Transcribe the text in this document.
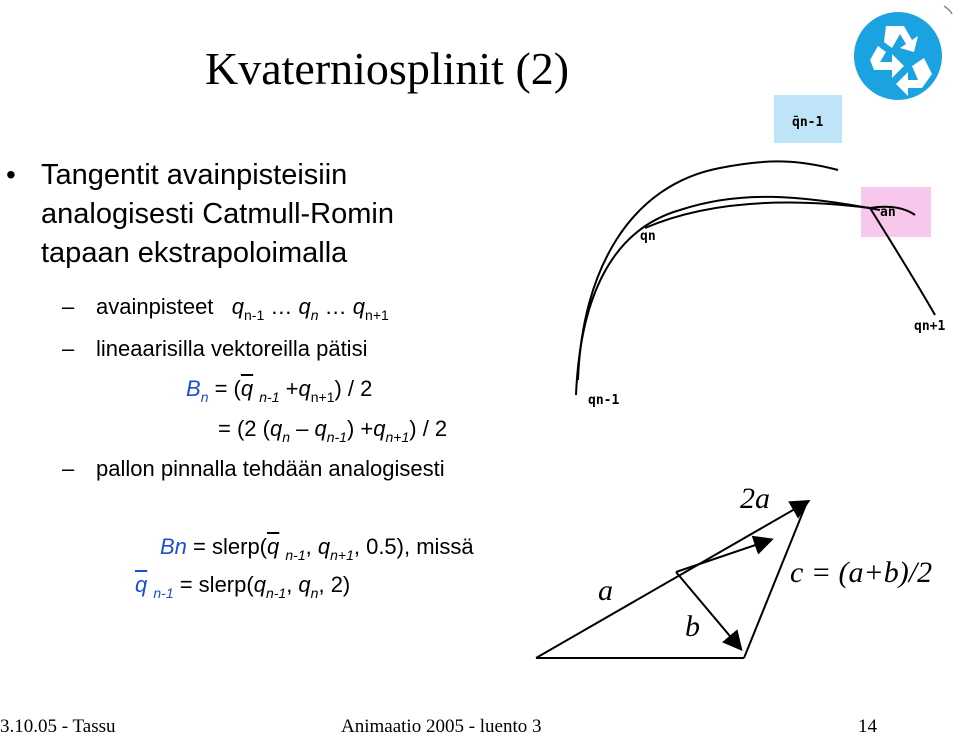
Kvaterniosplinit (2)
• Tangentit avainpisteisiin
analogisesti Catmull-Romin
tapaan ekstrapoloimalla
– avainpisteet $q_{n-1}$ … $q_n$ … $q_{n+1}$
– lineaarisilla vektoreilla pätisi
$B_n = (\overline{q}$ $_{n-1} +q_{n+1}) / 2$
= (2 $(q_n - q_{n-1}) +q_{n+1}) / 2$
– pallon pinnalla tehdään analogisesti
$Bn = slerp(\overline{q}$ $_{n-1}$, $q_{n+1}$, 0.5), missä
$\overline{q}$ $_{n-1} = slerp(q_{n-1}$, $q_n$, 2)
q̄n-1
an
qn
qn+1
qn-1
2a
a
b
c = (a+b)/2
3.10.05 - Tassu	Animaatio 2005 - luento 3	14
